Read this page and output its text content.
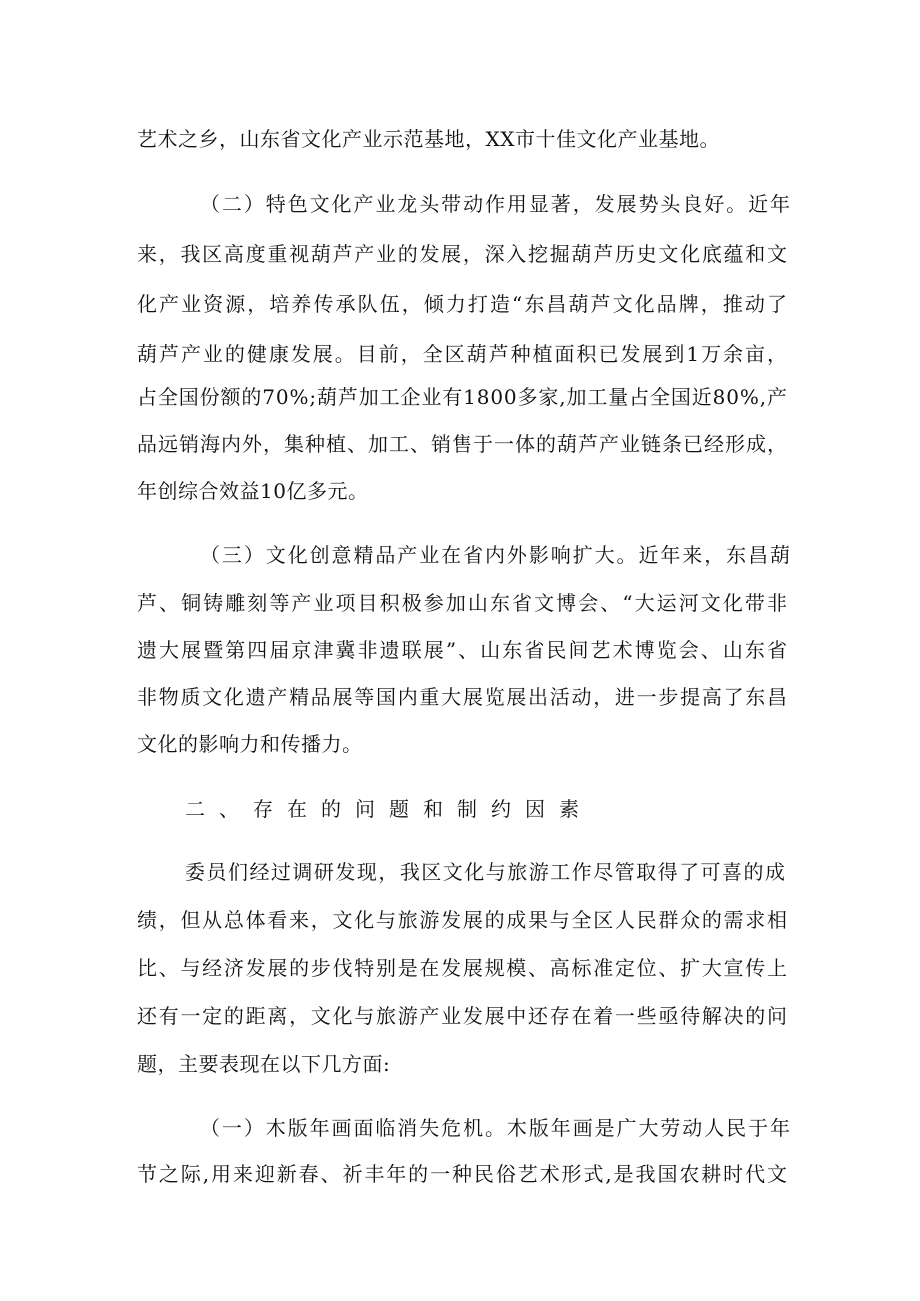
艺术之乡，山东省文化产业示范基地，XX市十佳文化产业基地。
（二）特色文化产业龙头带动作用显著，发展势头良好。近年
来，我区高度重视葫芦产业的发展，深入挖掘葫芦历史文化底蕴和文
化产业资源，培养传承队伍，倾力打造“东昌葫芦文化品牌，推动了
葫芦产业的健康发展。目前，全区葫芦种植面积已发展到1万余亩，
占全国份额的70%;葫芦加工企业有1800多家,加工量占全国近80%,产
品远销海内外，集种植、加工、销售于一体的葫芦产业链条已经形成，
年创综合效益10亿多元。
（三）文化创意精品产业在省内外影响扩大。近年来，东昌葫
芦、铜铸雕刻等产业项目积极参加山东省文博会、“大运河文化带非
遗大展暨第四届京津冀非遗联展”、山东省民间艺术博览会、山东省
非物质文化遗产精品展等国内重大展览展出活动，进一步提高了东昌
文化的影响力和传播力。
二、存在的问题和制约因素
委员们经过调研发现，我区文化与旅游工作尽管取得了可喜的成
绩，但从总体看来，文化与旅游发展的成果与全区人民群众的需求相
比、与经济发展的步伐特别是在发展规模、高标准定位、扩大宣传上
还有一定的距离，文化与旅游产业发展中还存在着一些亟待解决的问
题，主要表现在以下几方面:
（一）木版年画面临消失危机。木版年画是广大劳动人民于年
节之际,用来迎新春、祈丰年的一种民俗艺术形式,是我国农耕时代文
